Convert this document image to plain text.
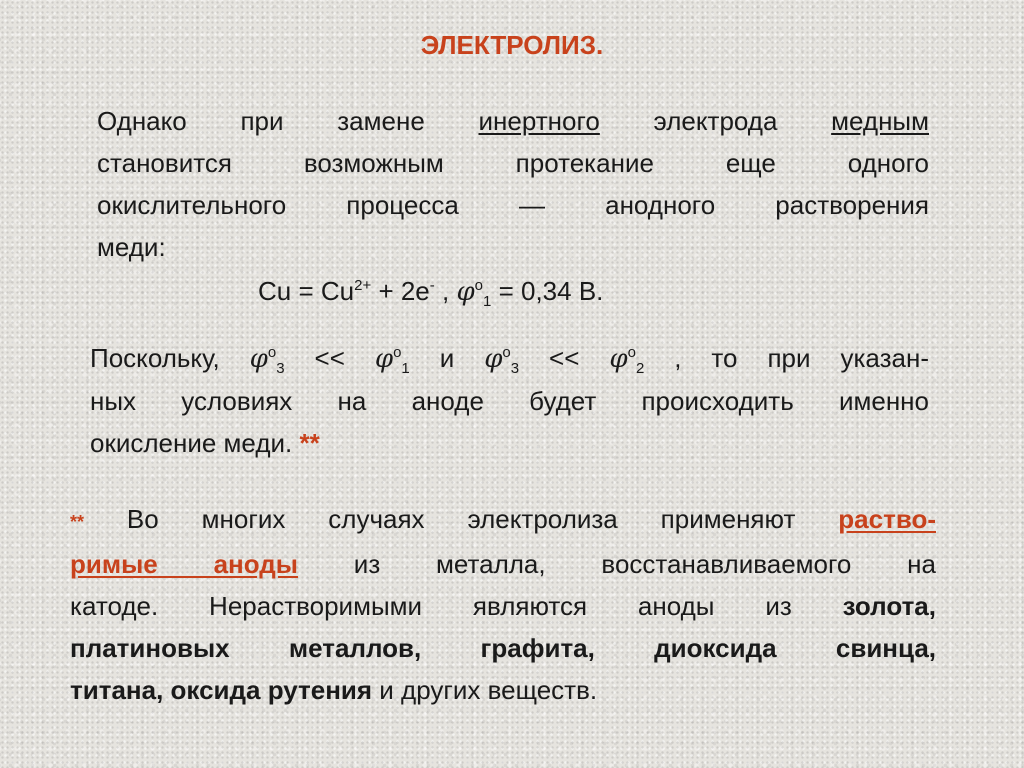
ЭЛЕКТРОЛИЗ.
Однако при замене инертного электрода медным
становится возможным протекание еще одного
окислительного процесса — анодного растворения
меди:
$Cu = Cu^{2+} + 2e^-$ , $\varphi^o_1 = 0,34$ В.
Поскольку, $\varphi^o_3 << \varphi^o_1$ и $\varphi^o_3 << \varphi^o_2$ , то при указан-
ных условиях на аноде будет происходить именно
окисление меди. **
** Во многих случаях электролиза применяют раство-
римые аноды из металла, восстанавливаемого на
катоде. Нерастворимыми являются аноды из золота,
платиновых металлов, графита, диоксида свинца,
титана, оксида рутения и других веществ.
